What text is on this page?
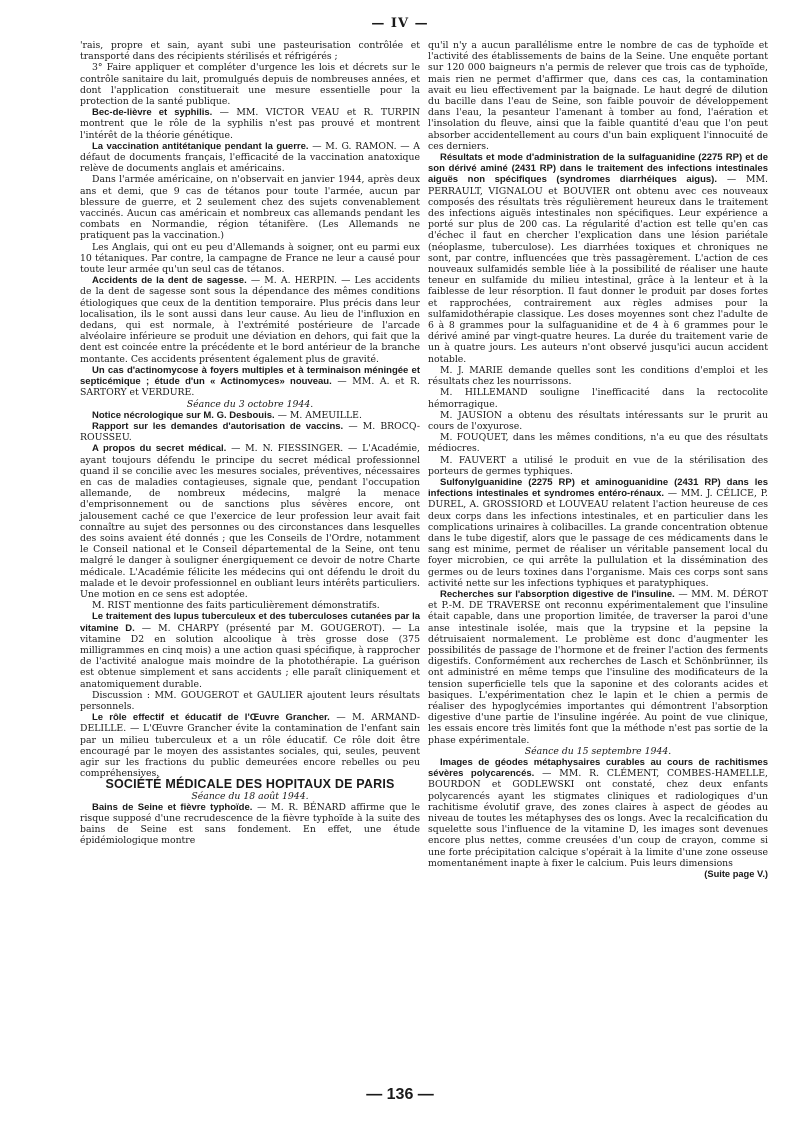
— IV —

'rais, propre et sain, ayant subi une pasteurisation contrôlée et transporté dans des récipients stérilisés et réfrigérés ;

3° Faire appliquer et compléter d'urgence les lois et décrets sur le contrôle sanitaire du lait, promulgués depuis de nombreuses années, et dont l'application constituerait une mesure essentielle pour la protection de la santé publique.

Bec-de-lièvre et syphilis. — MM. VICTOR VEAU et R. TURPIN montrent que le rôle de la syphilis n'est pas prouvé et montrent l'intérêt de la théorie génétique.

La vaccination antitétanique pendant la guerre. — M. G. RAMON. — A défaut de documents français, l'efficacité de la vaccination anatoxique relève de documents anglais et américains.

Dans l'armée américaine, on n'observait en janvier 1944, après deux ans et demi, que 9 cas de tétanos pour toute l'armée, aucun par blessure de guerre, et 2 seulement chez des sujets convenablement vaccinés. Aucun cas américain et nombreux cas allemands pendant les combats en Normandie, région tétanifère. (Les Allemands ne pratiquent pas la vaccination.)

Les Anglais, qui ont eu peu d'Allemands à soigner, ont eu parmi eux 10 tétaniques. Par contre, la campagne de France ne leur a causé pour toute leur armée qu'un seul cas de tétanos.

Accidents de la dent de sagesse. — M. A. HERPIN. — Les accidents de la dent de sagesse sont sous la dépendance des mêmes conditions étiologiques que ceux de la dentition temporaire. Plus précis dans leur localisation, ils le sont aussi dans leur cause. Au lieu de l'influxion en dedans, qui est normale, à l'extrémité postérieure de l'arcade alvéolaire inférieure se produit une déviation en dehors, qui fait que la dent est coincée entre la précédente et le bord antérieur de la branche montante. Ces accidents présentent également plus de gravité.

Un cas d'actinomycose à foyers multiples et à terminaison méningée et septicémique ; étude d'un « Actinomyces» nouveau. — MM. A. et R. SARTORY et VERDURE.

Séance du 3 octobre 1944.

Notice nécrologique sur M. G. Desbouis. — M. AMEUILLE.

Rapport sur les demandes d'autorisation de vaccins. — M. BROCQ-ROUSSEU.

A propos du secret médical. — M. N. FIESSINGER. — L'Académie, ayant toujours défendu le principe du secret médical professionnel quand il se concilie avec les mesures sociales, préventives, nécessaires en cas de maladies contagieuses, signale que, pendant l'occupation allemande, de nombreux médecins, malgré la menace d'emprisonnement ou de sanctions plus sévères encore, ont jalousement caché ce que l'exercice de leur profession leur avait fait connaître au sujet des personnes ou des circonstances dans lesquelles des soins avaient été donnés ; que les Conseils de l'Ordre, notamment le Conseil national et le Conseil départemental de la Seine, ont tenu malgré le danger à souligner énergiquement ce devoir de notre Charte médicale. L'Académie félicite les médecins qui ont défendu le droit du malade et le devoir professionnel en oubliant leurs intérêts particuliers. Une motion en ce sens est adoptée.

M. RIST mentionne des faits particulièrement démonstratifs.

Le traitement des lupus tuberculeux et des tuberculoses cutanées par la vitamine D. — M. CHARPY (présenté par M. GOUGEROT). — La vitamine D2 en solution alcoolique à très grosse dose (375 milligrammes en cinq mois) a une action quasi spécifique, à rapprocher de l'activité analogue mais moindre de la photothérapie. La guérison est obtenue simplement et sans accidents ; elle paraît cliniquement et anatomiquement durable.

Discussion : MM. GOUGEROT et GAULIER ajoutent leurs résultats personnels.

Le rôle effectif et éducatif de l'Œuvre Grancher. — M. ARMAND-DELILLE. — L'Œuvre Grancher évite la contamination de l'enfant sain par un milieu tuberculeux et a un rôle éducatif. Ce rôle doit être encouragé par le moyen des assistantes sociales, qui, seules, peuvent agir sur les fractions du public demeurées encore rebelles ou peu compréhensives.

SOCIÉTÉ MÉDICALE DES HOPITAUX DE PARIS

Séance du 18 août 1944.

Bains de Seine et fièvre typhoïde. — M. R. BÉNARD affirme que le risque supposé d'une recrudescence de la fièvre typhoïde à la suite des bains de Seine est sans fondement. En effet, une étude épidémiologique montre

qu'il n'y a aucun parallélisme entre le nombre de cas de typhoïde et l'activité des établissements de bains de la Seine. Une enquête portant sur 120 000 baigneurs n'a permis de relever que trois cas de typhoïde, mais rien ne permet d'affirmer que, dans ces cas, la contamination avait eu lieu effectivement par la baignade. Le haut degré de dilution du bacille dans l'eau de Seine, son faible pouvoir de développement dans l'eau, la pesanteur l'amenant à tomber au fond, l'aération et l'insolation du fleuve, ainsi que la faible quantité d'eau que l'on peut absorber accidentellement au cours d'un bain expliquent l'innocuité de ces derniers.

Résultats et mode d'administration de la sulfaguanidine (2275 RP) et de son dérivé aminé (2431 RP) dans le traitement des infections intestinales aiguës non spécifiques (syndromes diarrhéiques aigus). — MM. PERRAULT, VIGNALOU et BOUVIER ont obtenu avec ces nouveaux composés des résultats très régulièrement heureux dans le traitement des infections aiguës intestinales non spécifiques. Leur expérience a porté sur plus de 200 cas. La régularité d'action est telle qu'en cas d'échec il faut en chercher l'explication dans une lésion pariétale (néoplasme, tuberculose). Les diarrhées toxiques et chroniques ne sont, par contre, influencées que très passagèrement. L'action de ces nouveaux sulfamidés semble liée à la possibilité de réaliser une haute teneur en sulfamide du milieu intestinal, grâce à la lenteur et à la faiblesse de leur résorption. Il faut donner le produit par doses fortes et rapprochées, contrairement aux règles admises pour la sulfamidothérapie classique. Les doses moyennes sont chez l'adulte de 6 à 8 grammes pour la sulfaguanidine et de 4 à 6 grammes pour le dérivé aminé par vingt-quatre heures. La durée du traitement varie de un à quatre jours. Les auteurs n'ont observé jusqu'ici aucun accident notable.

M. J. MARIE demande quelles sont les conditions d'emploi et les résultats chez les nourrissons.

M. HILLEMAND souligne l'inefficacité dans la rectocolite hémorragique.

M. JAUSION a obtenu des résultats intéressants sur le prurit au cours de l'oxyurose.

M. FOUQUET, dans les mêmes conditions, n'a eu que des résultats médiocres.

M. FAUVERT a utilisé le produit en vue de la stérilisation des porteurs de germes typhiques.

Sulfonylguanidine (2275 RP) et aminoguanidine (2431 RP) dans les infections intestinales et syndromes entéro-rénaux. — MM. J. CÉLICE, P. DUREL, A. GROSSIORD et LOUVEAU relatent l'action heureuse de ces deux corps dans les infections intestinales, et en particulier dans les complications urinaires à colibacilles. La grande concentration obtenue dans le tube digestif, alors que le passage de ces médicaments dans le sang est minime, permet de réaliser un véritable pansement local du foyer microbien, ce qui arrête la pullulation et la dissémination des germes ou de leurs toxines dans l'organisme. Mais ces corps sont sans activité nette sur les infections typhiques et paratyphiques.

Recherches sur l'absorption digestive de l'insuline. — MM. M. DÉROT et P.-M. DE TRAVERSE ont reconnu expérimentalement que l'insuline était capable, dans une proportion limitée, de traverser la paroi d'une anse intestinale isolée, mais que la trypsine et la pepsine la détruisaient normalement. Le problème est donc d'augmenter les possibilités de passage de l'hormone et de freiner l'action des ferments digestifs. Conformément aux recherches de Lasch et Schönbrünner, ils ont administré en même temps que l'insuline des modificateurs de la tension superficielle tels que la saponine et des colorants acides et basiques. L'expérimentation chez le lapin et le chien a permis de réaliser des hypoglycémies importantes qui démontrent l'absorption digestive d'une partie de l'insuline ingérée. Au point de vue clinique, les essais encore très limités font que la méthode n'est pas sortie de la phase expérimentale.

Séance du 15 septembre 1944.

Images de géodes métaphysaires curables au cours de rachitismes sévères polycarencés. — MM. R. CLÉMENT, COMBES-HAMELLE, BOURDON et GODLEWSKI ont constaté, chez deux enfants polycarencés ayant les stigmates cliniques et radiologiques d'un rachitisme évolutif grave, des zones claires à aspect de géodes au niveau de toutes les métaphyses des os longs. Avec la recalcification du squelette sous l'influence de la vitamine D, les images sont devenues encore plus nettes, comme creusées d'un coup de crayon, comme si une forte précipitation calcique s'opérait à la limite d'une zone osseuse momentanément inapte à fixer le calcium. Puis leurs dimensions

(Suite page V.)

— 136 —
